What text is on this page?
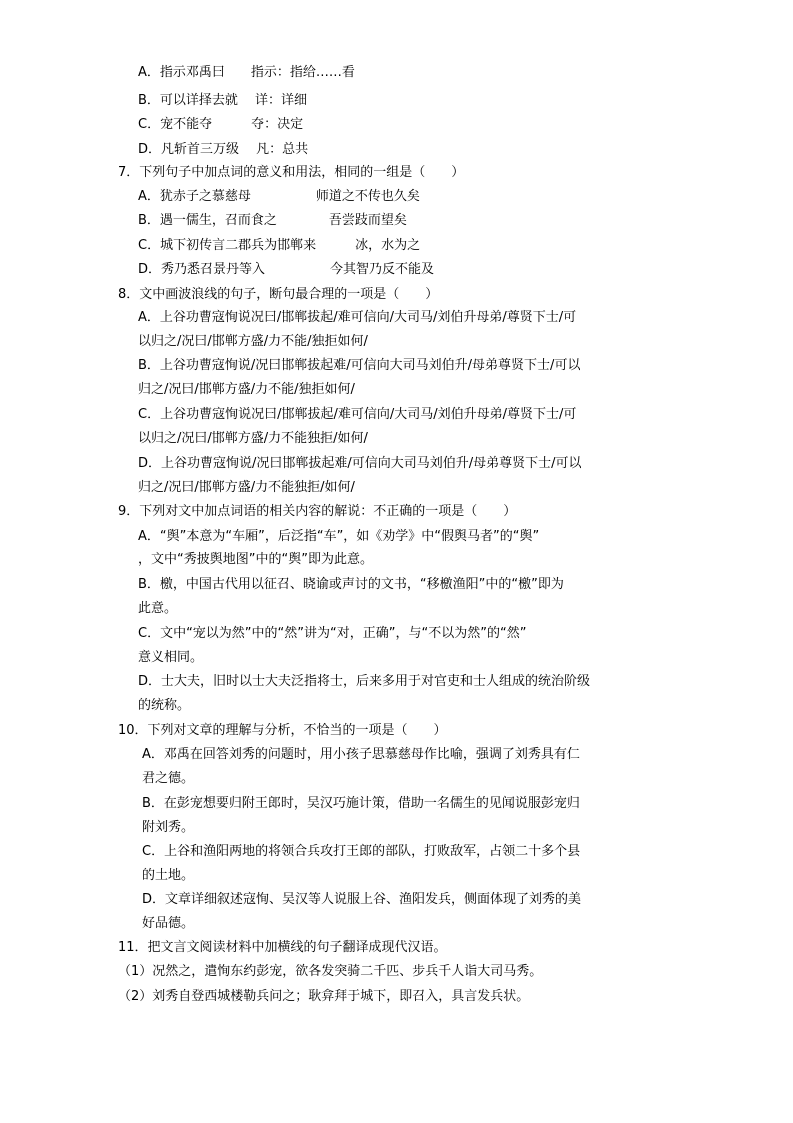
A．指示邓禹曰　　指示：指给……看
B．可以详择去就　 详：详细
C．宠不能夺　　　夺：决定
D．凡斩首三万级　 凡：总共
7．下列句子中加点词的意义和用法，相同的一组是（　　）
A．犹赤子之慕慈母　　　　　师道之不传也久矣
B．遇一儒生，召而食之　　　　吾尝跂而望矣
C．城下初传言二郡兵为邯郸来　　　冰，水为之
D．秀乃悉召景丹等入　　　　　今其智乃反不能及
8．文中画波浪线的句子，断句最合理的一项是（　　）
A．上谷功曹寇恂说况曰/邯郸拔起/难可信向/大司马/刘伯升母弟/尊贤下士/可
以归之/况曰/邯郸方盛/力不能/独拒如何/
B．上谷功曹寇恂说/况曰邯郸拔起难/可信向大司马刘伯升/母弟尊贤下士/可以
归之/况曰/邯郸方盛/力不能/独拒如何/
C．上谷功曹寇恂说况曰/邯郸拔起/难可信向/大司马/刘伯升母弟/尊贤下士/可
以归之/况曰/邯郸方盛/力不能独拒/如何/
D．上谷功曹寇恂说/况曰邯郸拔起难/可信向大司马刘伯升/母弟尊贤下士/可以
归之/况曰/邯郸方盛/力不能独拒/如何/
9．下列对文中加点词语的相关内容的解说：不正确的一项是（　　）
A．“舆”本意为“车厢”，后泛指“车”，如《劝学》中“假舆马者”的“舆”
，文中“秀披舆地图”中的“舆”即为此意。
B．檄，中国古代用以征召、晓谕或声讨的文书，“移檄渔阳”中的“檄”即为
此意。
C．文中“宠以为然”中的“然”讲为“对，正确”，与“不以为然”的“然”
意义相同。
D．士大夫，旧时以士大夫泛指将士，后来多用于对官吏和士人组成的统治阶级
的统称。
10．下列对文章的理解与分析，不恰当的一项是（　　）
A．邓禹在回答刘秀的问题时，用小孩子思慕慈母作比喻，强调了刘秀具有仁
君之德。
B．在彭宠想要归附王郎时，吴汉巧施计策，借助一名儒生的见闻说服彭宠归
附刘秀。
C．上谷和渔阳两地的将领合兵攻打王郎的部队，打败敌军，占领二十多个县
的土地。
D．文章详细叙述寇恂、吴汉等人说服上谷、渔阳发兵，侧面体现了刘秀的美
好品德。
11．把文言文阅读材料中加横线的句子翻译成现代汉语。
（1）况然之，遣恂东约彭宠，欲各发突骑二千匹、步兵千人诣大司马秀。
（2）刘秀自登西城楼勒兵问之；耿弇拜于城下，即召入，具言发兵状。
